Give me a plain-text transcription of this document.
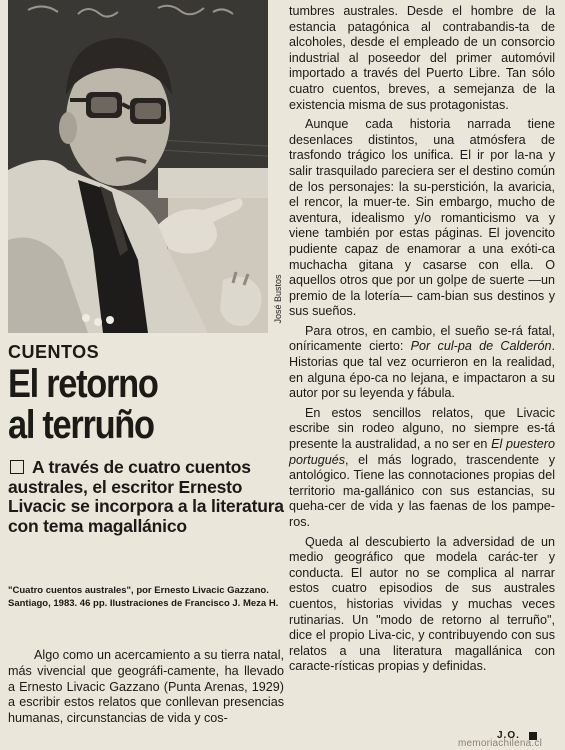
José Bustos
CUENTOS
El retorno
al terruño
A través de cuatro cuentos australes, el escritor Ernesto Livacic se incorpora a la literatura con tema magallánico
"Cuatro cuentos australes", por Ernesto Livacic Gazzano. Santiago, 1983. 46 pp. Ilustraciones de Francisco J. Meza H.
Algo como un acercamiento a su tierra natal, más vivencial que geográfi-camente, ha llevado a Ernesto Livacic Gazzano (Punta Arenas, 1929) a escribir estos relatos que conllevan presencias humanas, circunstancias de vida y cos-

tumbres australes. Desde el hombre de la estancia patagónica al contrabandis-ta de alcoholes, desde el empleado de un consorcio industrial al poseedor del primer automóvil importado a través del Puerto Libre. Tan sólo cuatro cuentos, breves, a semejanza de la existencia misma de sus protagonistas.

Aunque cada historia narrada tiene desenlaces distintos, una atmósfera de trasfondo trágico los unifica. El ir por la-na y salir trasquilado pareciera ser el destino común de los personajes: la su-perstición, la avaricia, el rencor, la muer-te. Sin embargo, mucho de aventura, idealismo y/o romanticismo va y viene también por estas páginas. El jovencito pudiente capaz de enamorar a una exóti-ca muchacha gitana y casarse con ella. O aquellos otros que por un golpe de suerte —un premio de la lotería— cam-bian sus destinos y sus sueños.

Para otros, en cambio, el sueño se-rá fatal, oníricamente cierto: Por cul-pa de Calderón. Historias que tal vez ocurrieron en la realidad, en alguna épo-ca no lejana, e impactaron a su autor por su leyenda y fábula.

En estos sencillos relatos, que Livacic escribe sin rodeo alguno, no siempre es-tá presente la australidad, a no ser en El puestero portugués, el más logrado, trascendente y antológico. Tiene las connotaciones propias del territorio ma-gallánico con sus estancias, su queha-cer de vida y las faenas de los pampe-ros.

Queda al descubierto la adversidad de un medio geográfico que modela carác-ter y conducta. El autor no se complica al narrar estos cuatro episodios de sus australes cuentos, historias vividas y muchas veces rutinarias. Un "modo de retorno al terruño", dice el propio Liva-cic, y contribuyendo con sus relatos a una literatura magallánica con caracte-rísticas propias y definidas.

J.O.
memoriachilena.cl
